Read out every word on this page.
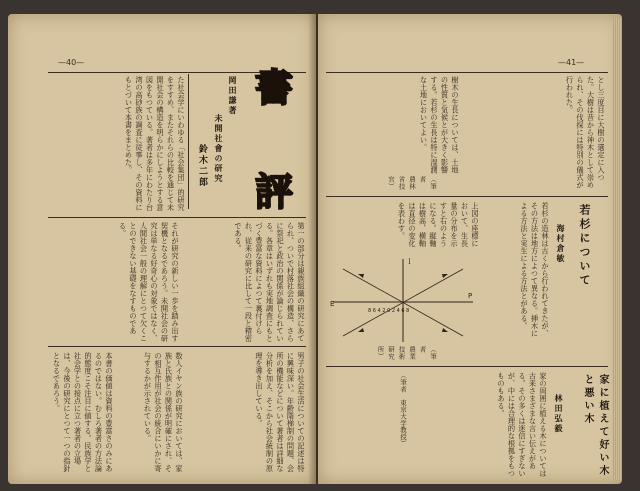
—40—
書
評
岡田謙著
未開社會の研究
鈴木二郎
た社会学にいわゆる「社会集団」的研究をすすめ、またそれらの比較を通じて未開社会の構造を明らかにしようとする意図をもつている。著者は多年にわたり台湾の高砂族の調査に従事し、その資料にもとづいて本書をまとめた。
第一の部分は親族組織の研究にあてられ、ついで村落社会の構造、さらに祭祀と政治の関係が論じられている。各章はいずれも実地調査にもとづく豊富な資料によつて裏付けられ、従来の研究に比して一段と精密である。
それが研究の新しい一歩を踏み出す契機となるであろう。未開社会の研究は単なる好奇心の対象ではなく、人間社会一般の理解にとつて欠くことのできない基礎をなすものである。
男子の社会生活についての記述は特に興味深い。年齢階梯制の問題、会所の機能などについて著者は詳細な分析を加え、そこから社会統制の原理を導き出している。
数人イヤン族の研究においては、家族と氏族との関係が明確にされ、その相互作用が社会の統合にいかに寄与するかが示されている。
本書の価値は資料の豊富さのみにあるのではない。むしろ著者の方法論的態度こそ注目に値する。民族学と社会学との接点に立つ著者の立場は、今後の研究にとつて一つの指針となるであろう。
—41—
とし三度目に大樹の選定に入つた。大樹は昔から神木として崇められ、その伐採には特別の儀式が行われた。
樹木の生長については、土地の性質と気候とが大きく影響する。若杉の生長は特に湿潤な土地においてよい。
（筆者　農林省技官）
若杉について
海村倉敏
若杉の造林は古くから行われてきたが、その方法は地方によつて異なる。挿木による方法と実生による方法とがある。
上図の座標において、生長量の分布を示すと右のようになる。縦軸は樹高、横軸は直径の変化を表わす。
E
P
ｌ
8 6 4 2 0 2 4 6 8
（筆者　農業技術研究所）
家に植えて好い木と悪い木
林田弘毅
家の周囲に植える木については古来さまざまな言い伝えがある。その多くは迷信にすぎないが、中には合理的な根拠をもつものもある。
（筆者　東京大学教授）
